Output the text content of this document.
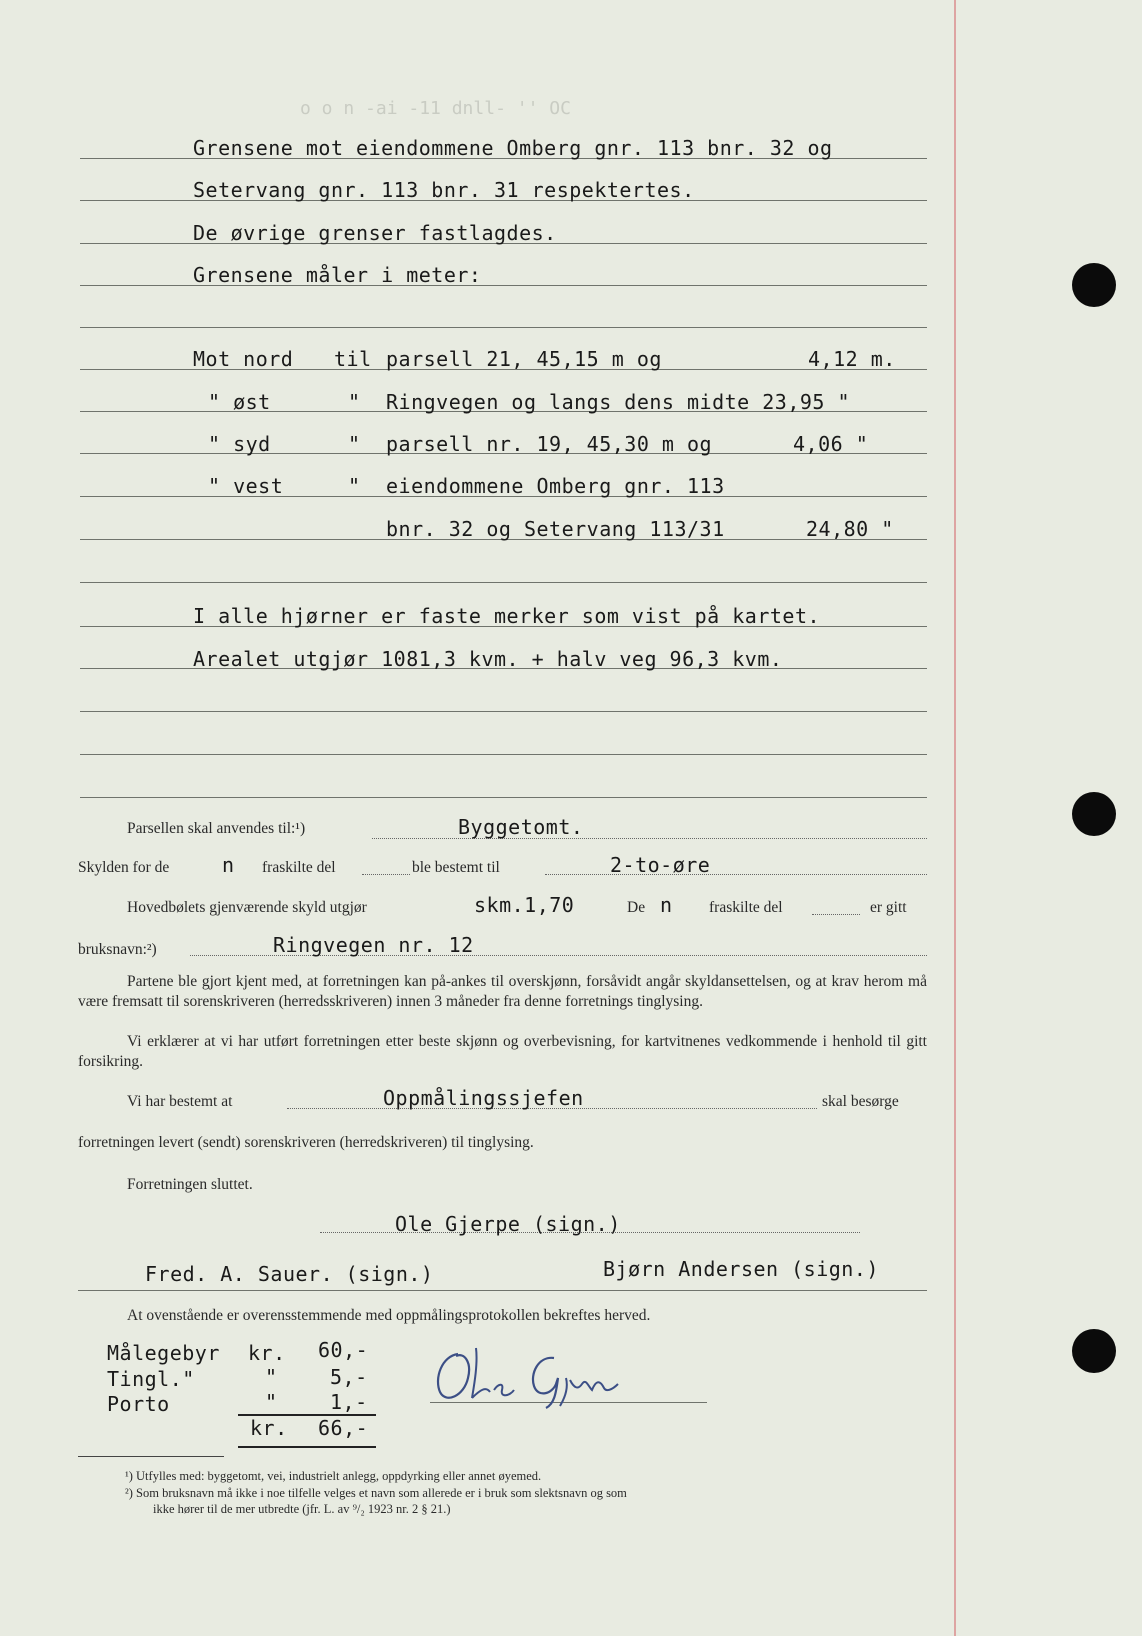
o o n -ai -11 dnll- '' OC
Grensene mot eiendommene Omberg gnr. 113 bnr. 32 og
Setervang gnr. 113 bnr. 31 respektertes.
De øvrige grenser fastlagdes.
Grensene måler i meter:
Mot nord til parsell 21, 45,15 m og	4,12 m.
" øst	" Ringvegen og langs dens midte 23,95 "
" syd	" parsell nr. 19, 45,30 m og	4,06 "
" vest	" eiendommene Omberg gnr. 113
bnr. 32 og Setervang 113/31	24,80 "
I alle hjørner er faste merker som vist på kartet.
Arealet utgjør 1081,3 kvm. + halv veg 96,3 kvm.
Parsellen skal anvendes til:¹)	Byggetomt.
Skylden for de	n fraskilte del	ble bestemt til	2-to-øre
Hovedbølets gjenværende skyld utgjør	skm.1,70	De n fraskilte del	er gitt
bruksnavn:²)	Ringvegen nr. 12
Partene ble gjort kjent med, at forretningen kan på-ankes til overskjønn, forsåvidt angår skyldansettelsen, og at krav herom må være fremsatt til sorenskriveren (herredsskriveren) innen 3 måneder fra denne forretnings tinglysing.
Vi erklærer at vi har utført forretningen etter beste skjønn og overbevisning, for kartvitnenes vedkommende i henhold til gitt forsikring.
Vi har bestemt at	Oppmålingssjefen	skal besørge
forretningen levert (sendt) sorenskriveren (herredskriveren) til tinglysing.
Forretningen sluttet.
Ole Gjerpe (sign.)
Fred. A. Sauer. (sign.)	Bjørn Andersen (sign.)
At ovenstående er overensstemmende med oppmålingsprotokollen bekreftes herved.
Målegebyr kr. 60,-
Tingl."	"	5,-
Porto	"	1,-
kr. 66,-
Ole Gjerpe
¹) Utfylles med: byggetomt, vei, industrielt anlegg, oppdyrking eller annet øyemed.
²) Som bruksnavn må ikke i noe tilfelle velges et navn som allerede er i bruk som slektsnavn og som
ikke hører til de mer utbredte (jfr. L. av ⁹/₂ 1923 nr. 2 § 21.)
